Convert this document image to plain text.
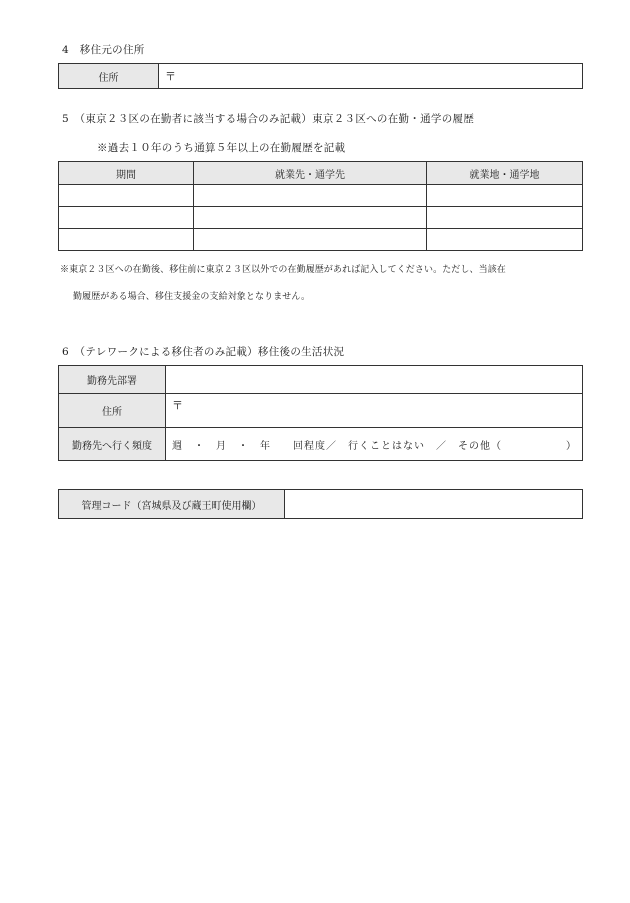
4　移住元の住所
住所	〒
5　（東京２３区の在勤者に該当する場合のみ記載）東京２３区への在勤・通学の履歴
※過去１０年のうち通算５年以上の在勤履歴を記載
期間	就業先・通学先	就業地・通学地

※東京２３区への在勤後、移住前に東京２３区以外での在勤履歴があれば記入してください。ただし、当該在
勤履歴がある場合、移住支援金の支給対象となりません。
6　（テレワークによる移住者のみ記載）移住後の生活状況
勤務先部署	
住所	〒
勤務先へ行く頻度	週　・　月　・　年　　回程度／　行くことはない　／　その他（ ）
管理コード（宮城県及び蔵王町使用欄）	
